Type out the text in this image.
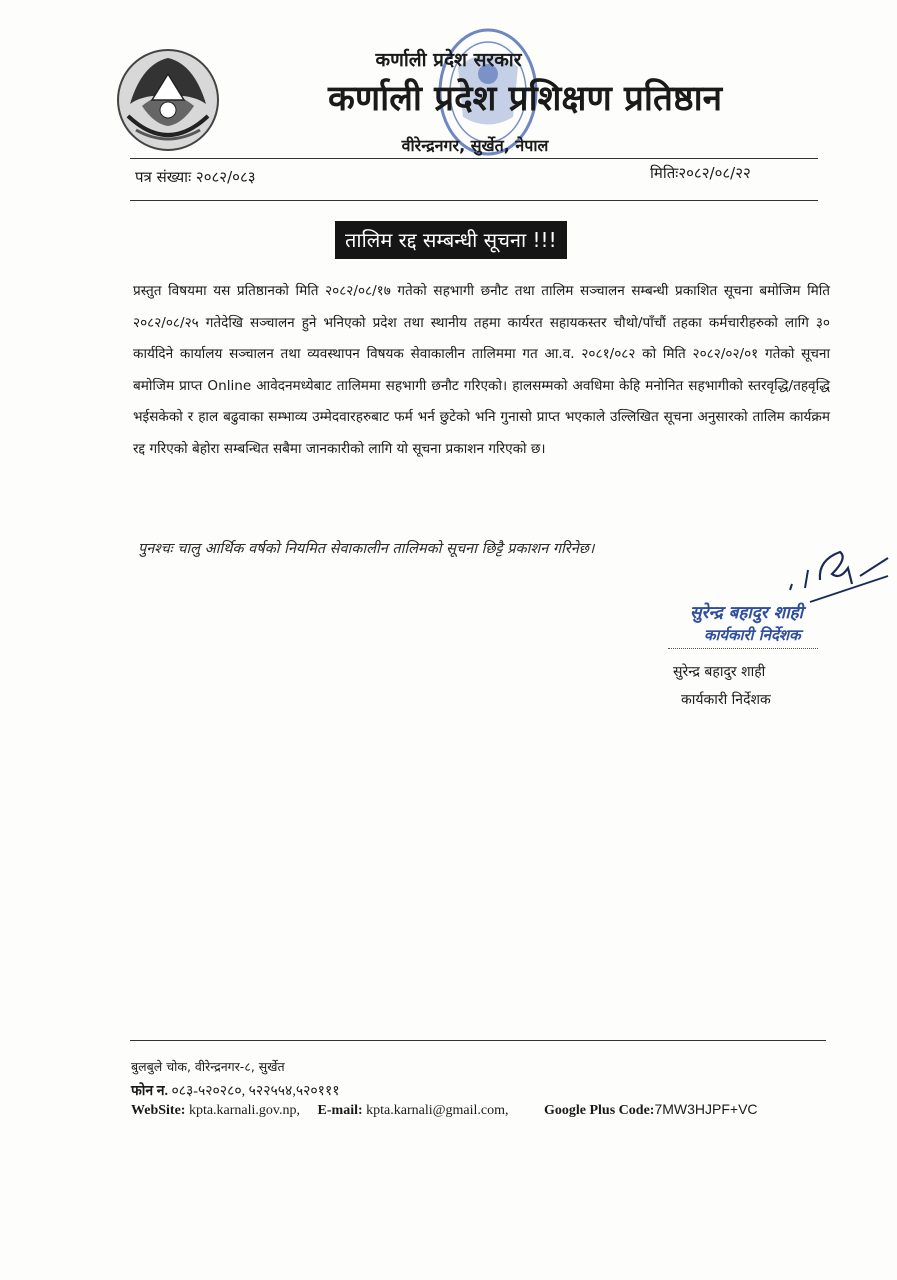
कर्णाली प्रदेश सरकार
कर्णाली प्रदेश प्रशिक्षण प्रतिष्ठान
वीरेन्द्रनगर, सुर्खेत, नेपाल
पत्र संख्याः २०८२/०८३	मितिः२०८२/०८/२२
तालिम रद्द सम्बन्धी सूचना !!!
प्रस्तुत विषयमा यस प्रतिष्ठानको मिति २०८२/०८/१७ गतेको सहभागी छनौट तथा तालिम सञ्चालन सम्बन्धी प्रकाशित सूचना बमोजिम मिति २०८२/०८/२५ गतेदेखि सञ्चालन हुने भनिएको प्रदेश तथा स्थानीय तहमा कार्यरत सहायकस्तर चौथो/पाँचौं तहका कर्मचारीहरुको लागि ३० कार्यदिने कार्यालय सञ्चालन तथा व्यवस्थापन विषयक सेवाकालीन तालिममा गत आ.व. २०८१/०८२ को मिति २०८२/०२/०१ गतेको सूचना बमोजिम प्राप्त Online आवेदनमध्येबाट तालिममा सहभागी छनौट गरिएको। हालसम्मको अवधिमा केहि मनोनित सहभागीको स्तरवृद्धि/तहवृद्धि भईसकेको र हाल बढुवाका सम्भाव्य उम्मेदवारहरुबाट फर्म भर्न छुटेको भनि गुनासो प्राप्त भएकाले उल्लिखित सूचना अनुसारको तालिम कार्यक्रम रद्द गरिएको बेहोरा सम्बन्धित सबैमा जानकारीको लागि यो सूचना प्रकाशन गरिएको छ।
पुनश्चः चालु आर्थिक वर्षको नियमित सेवाकालीन तालिमको सूचना छिट्टै प्रकाशन गरिनेछ।
सुरेन्द्र बहादुर शाही
कार्यकारी निर्देशक
सुरेन्द्र बहादुर शाही
कार्यकारी निर्देशक
बुलबुले चोक, वीरेन्द्रनगर-८, सुर्खेत
फोन न. ०८३-५२०२८०, ५२२५५४,५२०१११
WebSite: kpta.karnali.gov.np, E-mail: kpta.karnali@gmail.com,	Google Plus Code:7MW3HJPF+VC
